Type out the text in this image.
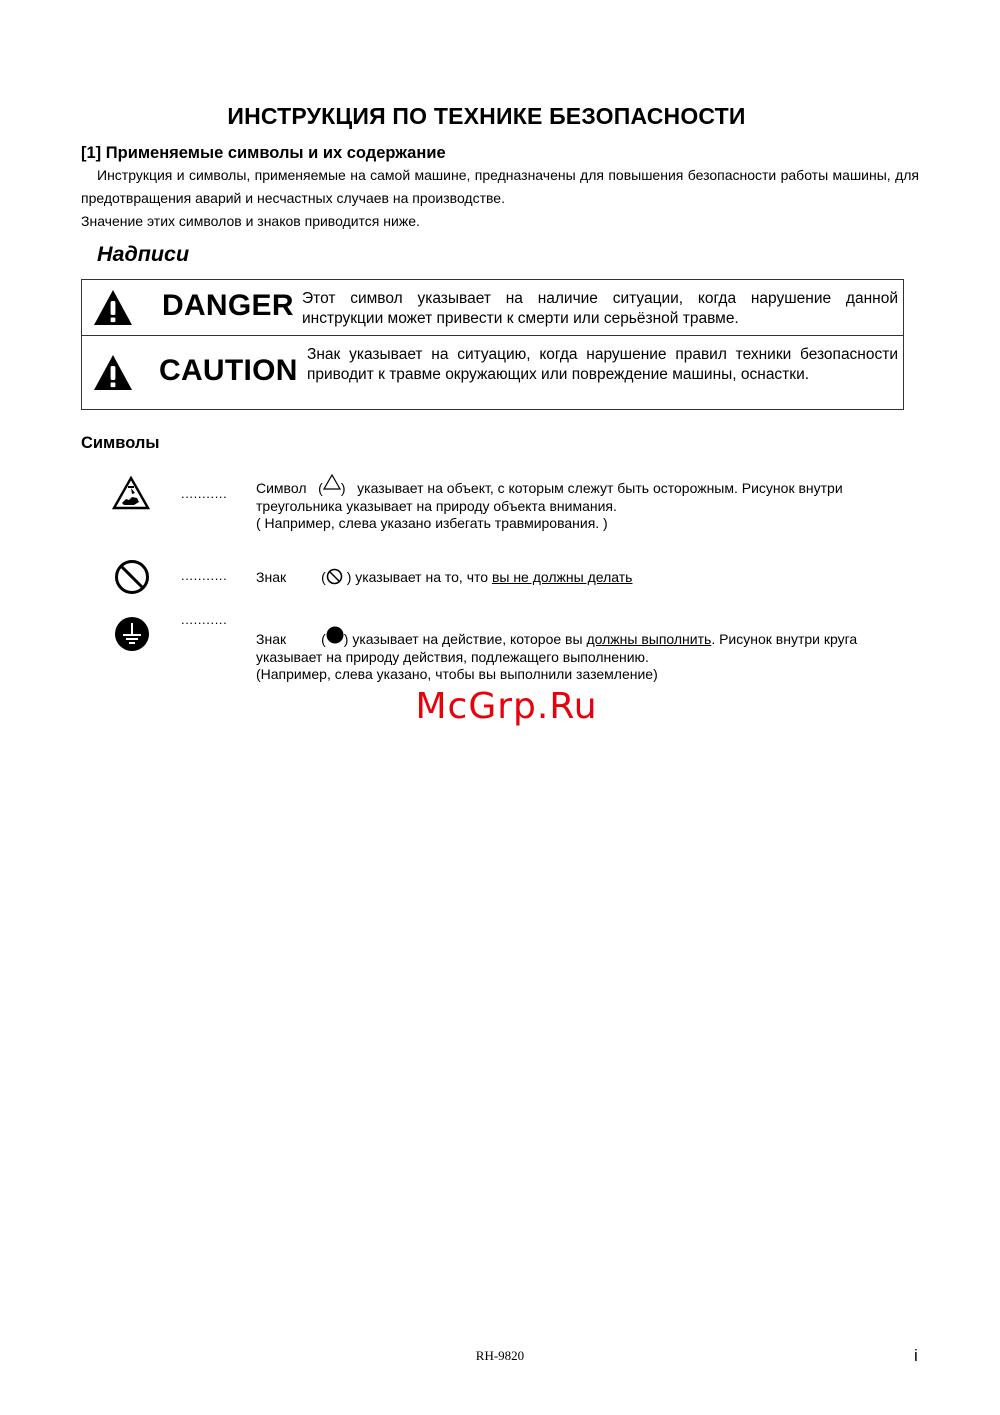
ИНСТРУКЦИЯ ПО ТЕХНИКЕ БЕЗОПАСНОСТИ
[1] Применяемые символы и их содержание
Инструкция и символы, применяемые на самой машине, предназначены для повышения безопасности работы машины, для предотвращения аварий и несчастных случаев на производстве.
Значение этих символов и знаков приводится ниже.
Надписи
DANGER Этот символ указывает на наличие ситуации, когда нарушение данной инструкции может привести к смерти или серьёзной травме.
CAUTION Знак указывает на ситуацию, когда нарушение правил техники безопасности приводит к травме окружающих или повреждение машины, оснастки.
Символы
........... Символ ( ) указывает на объект, с которым слежут быть осторожным. Рисунок внутри треугольника указывает на природу объекта внимания.
( Например, слева указано избегать травмирования. )
........... Знак	( ) указывает на то, что вы не должны делать
...........
Знак	( ) указывает на действие, которое вы должны выполнить. Рисунок внутри круга указывает на природу действия, подлежащего выполнению.
(Например, слева указано, чтобы вы выполнили заземление)
McGrp.Ru
RH-9820	i
